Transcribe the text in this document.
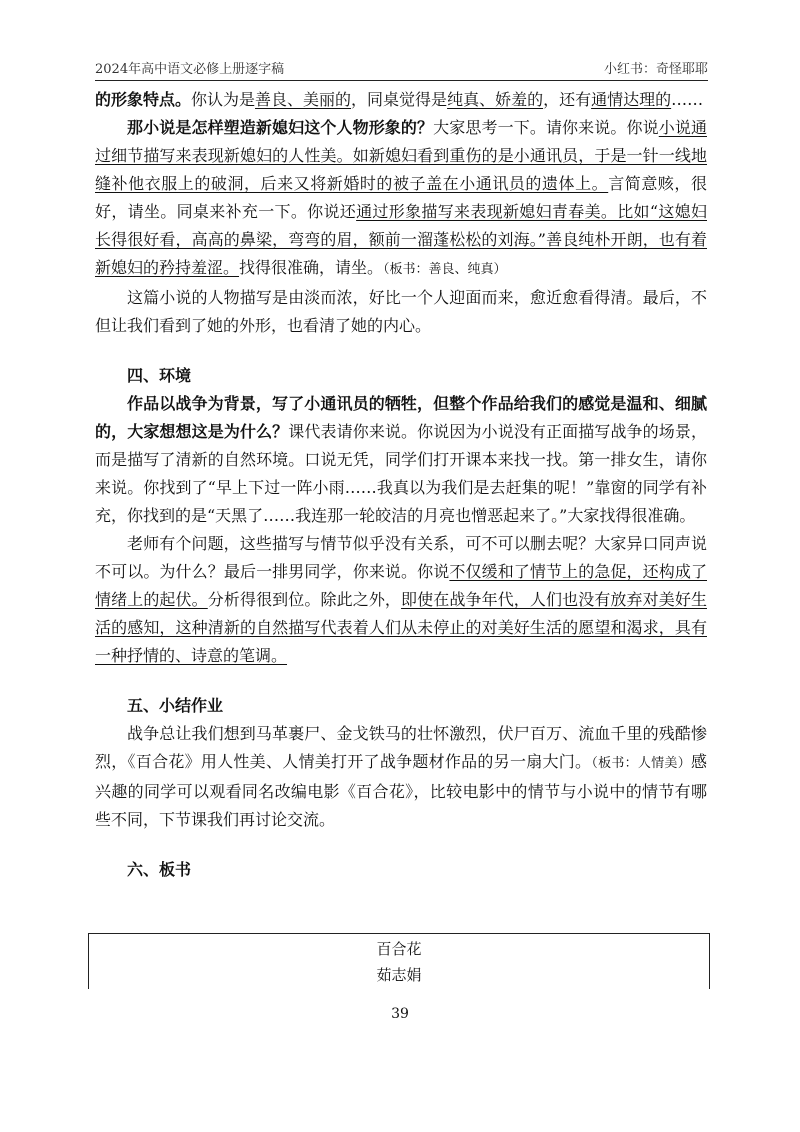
2024年高中语文必修上册逐字稿	小红书：奇怪耶耶

的形象特点。你认为是善良、美丽的，同桌觉得是纯真、娇羞的，还有通情达理的……

那小说是怎样塑造新媳妇这个人物形象的？大家思考一下。请你来说。你说小说通过细节描写来表现新媳妇的人性美。如新媳妇看到重伤的是小通讯员，于是一针一线地缝补他衣服上的破洞，后来又将新婚时的被子盖在小通讯员的遗体上。言简意赅，很好，请坐。同桌来补充一下。你说还通过形象描写来表现新媳妇青春美。比如“这媳妇长得很好看，高高的鼻梁，弯弯的眉，额前一溜蓬松松的刘海。”善良纯朴开朗，也有着新媳妇的矜持羞涩。找得很准确，请坐。（板书：善良、纯真）

这篇小说的人物描写是由淡而浓，好比一个人迎面而来，愈近愈看得清。最后，不但让我们看到了她的外形，也看清了她的内心。

四、环境

作品以战争为背景，写了小通讯员的牺牲，但整个作品给我们的感觉是温和、细腻的，大家想想这是为什么？课代表请你来说。你说因为小说没有正面描写战争的场景，而是描写了清新的自然环境。口说无凭，同学们打开课本来找一找。第一排女生，请你来说。你找到了“早上下过一阵小雨……我真以为我们是去赶集的呢！”靠窗的同学有补充，你找到的是“天黑了……我连那一轮皎洁的月亮也憎恶起来了。”大家找得很准确。

老师有个问题，这些描写与情节似乎没有关系，可不可以删去呢？大家异口同声说不可以。为什么？最后一排男同学，你来说。你说不仅缓和了情节上的急促，还构成了情绪上的起伏。分析得很到位。除此之外，即使在战争年代，人们也没有放弃对美好生活的感知，这种清新的自然描写代表着人们从未停止的对美好生活的愿望和渴求，具有一种抒情的、诗意的笔调。

五、小结作业

战争总让我们想到马革裹尸、金戈铁马的壮怀激烈，伏尸百万、流血千里的残酷惨烈，《百合花》用人性美、人情美打开了战争题材作品的另一扇大门。（板书：人情美）感兴趣的同学可以观看同名改编电影《百合花》，比较电影中的情节与小说中的情节有哪些不同，下节课我们再讨论交流。

六、板书
百合花
茹志娟
39
